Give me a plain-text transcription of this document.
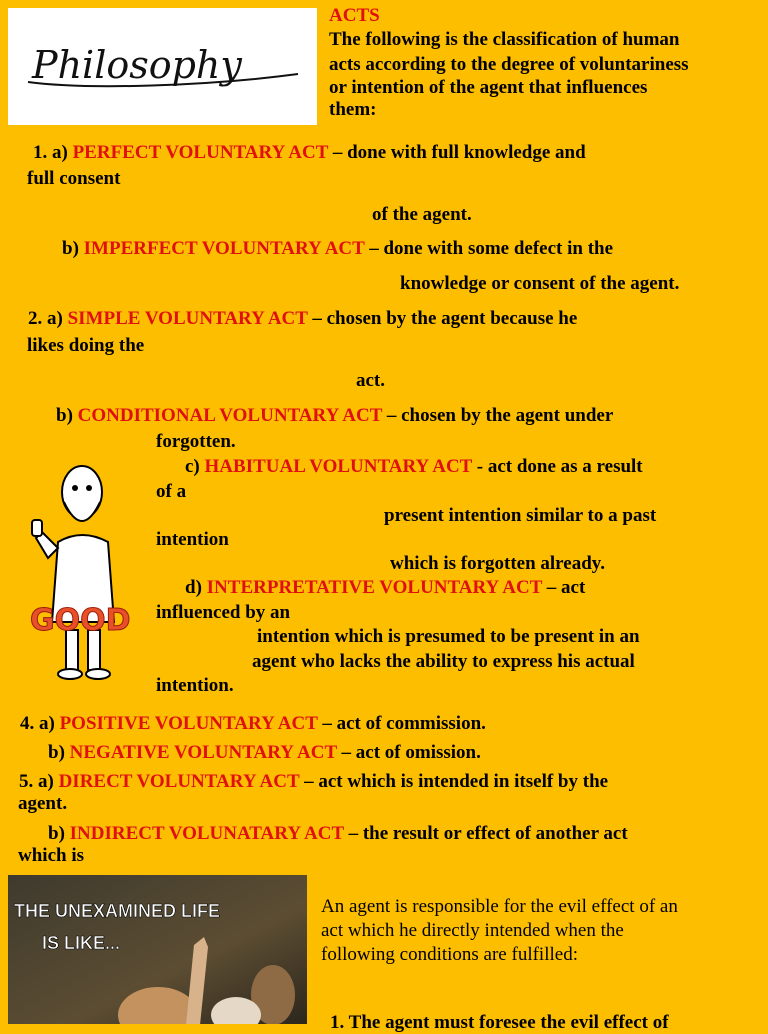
Philosophy
ACTS
The following is the classification of human
acts according to the degree of voluntariness
or intention of the agent that influences
them:
1. a) PERFECT VOLUNTARY ACT – done with full knowledge and
full consent
of the agent.
b) IMPERFECT VOLUNTARY ACT – done with some defect in the
knowledge or consent of the agent.
2. a) SIMPLE VOLUNTARY ACT – chosen by the agent because he
likes doing the
act.
b) CONDITIONAL VOLUNTARY ACT – chosen by the agent under
forgotten.
c) HABITUAL VOLUNTARY ACT - act done as a result
of a
present intention similar to a past
intention
which is forgotten already.
d) INTERPRETATIVE VOLUNTARY ACT – act
influenced by an
intention which is presumed to be present in an
agent who lacks the ability to express his actual
intention.
GOOD
4. a) POSITIVE VOLUNTARY ACT – act of commission.
b) NEGATIVE VOLUNTARY ACT – act of omission.
5. a) DIRECT VOLUNTARY ACT – act which is intended in itself by the
agent.
b) INDIRECT VOLUNATARY ACT – the result or effect of another act
which is
THE UNEXAMINED LIFE
IS LIKE...
An agent is responsible for the evil effect of an
act which he directly intended when the
following conditions are fulfilled:
1. The agent must foresee the evil effect of
